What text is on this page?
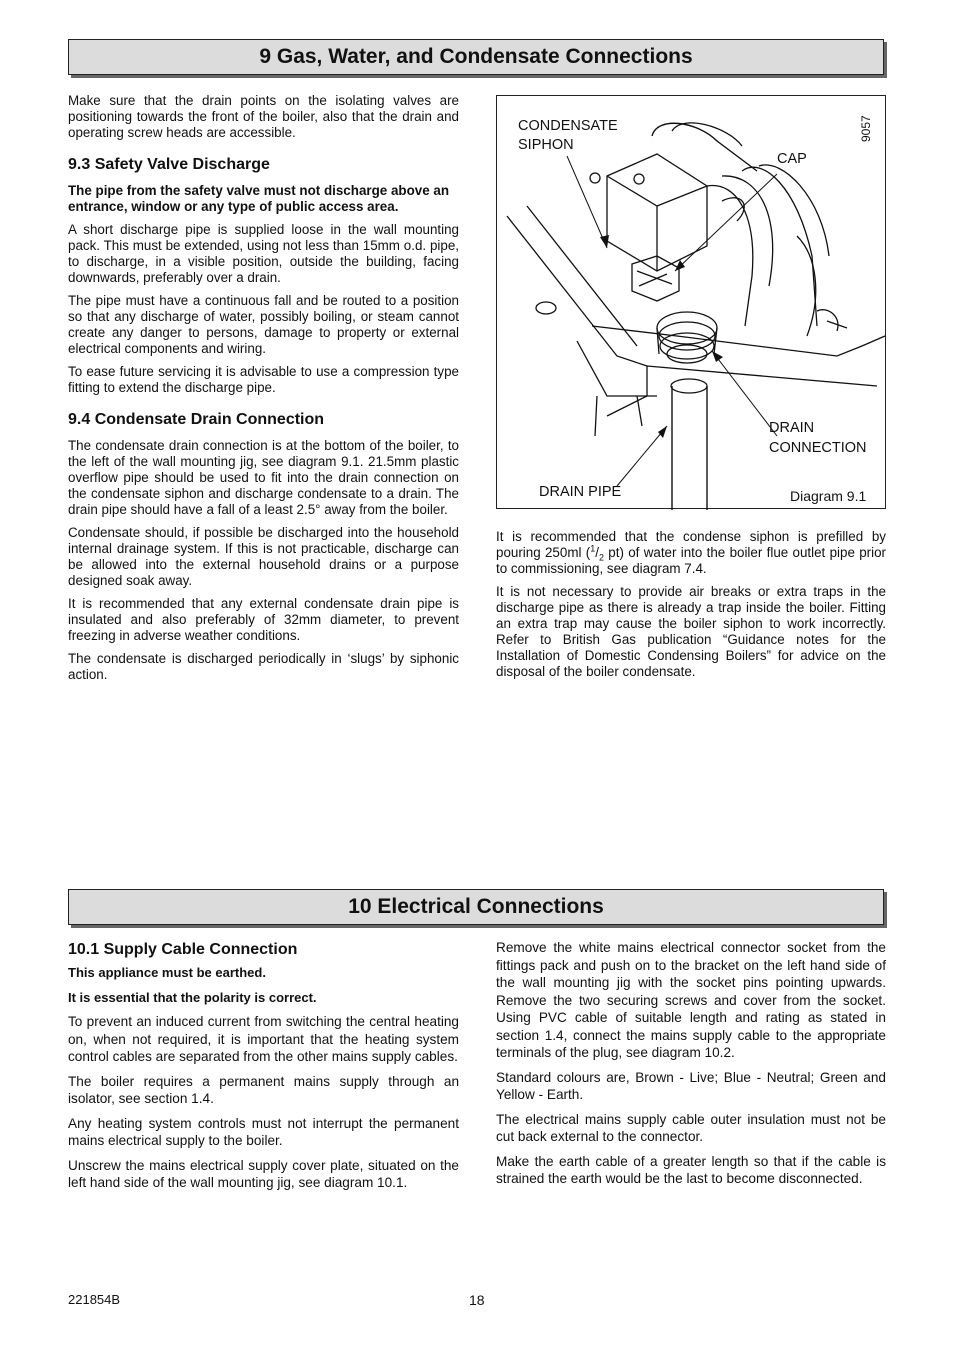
9 Gas, Water, and Condensate Connections

Make sure that the drain points on the isolating valves are positioning towards the front of the boiler, also that the drain and operating screw heads are accessible.

9.3 Safety Valve Discharge

The pipe from the safety valve must not discharge above an entrance, window or any type of public access area.

A short discharge pipe is supplied loose in the wall mounting pack. This must be extended, using not less than 15mm o.d. pipe, to discharge, in a visible position, outside the building, facing downwards, preferably over a drain.

The pipe must have a continuous fall and be routed to a position so that any discharge of water, possibly boiling, or steam cannot create any danger to persons, damage to property or external electrical components and wiring.

To ease future servicing it is advisable to use a compression type fitting to extend the discharge pipe.

9.4 Condensate Drain Connection

The condensate drain connection is at the bottom of the boiler, to the left of the wall mounting jig, see diagram 9.1. 21.5mm plastic overflow pipe should be used to fit into the drain connection on the condensate siphon and discharge condensate to a drain. The drain pipe should have a fall of a least 2.5° away from the boiler.

Condensate should, if possible be discharged into the household internal drainage system. If this is not practicable, discharge can be allowed into the external household drains or a purpose designed soak away.

It is recommended that any external condensate drain pipe is insulated and also preferably of 32mm diameter, to prevent freezing in adverse weather conditions.

The condensate is discharged periodically in ‘slugs’ by siphonic action.

CONDENSATE
SIPHON
CAP
9057
DRAIN
CONNECTION
DRAIN PIPE	Diagram 9.1

It is recommended that the condense siphon is prefilled by pouring 250ml ($^1/_2$ pt) of water into the boiler flue outlet pipe prior to commissioning, see diagram 7.4.

It is not necessary to provide air breaks or extra traps in the discharge pipe as there is already a trap inside the boiler. Fitting an extra trap may cause the boiler siphon to work incorrectly. Refer to British Gas publication “Guidance notes for the Installation of Domestic Condensing Boilers” for advice on the disposal of the boiler condensate.

10 Electrical Connections
10.1 Supply Cable Connection

This appliance must be earthed.

It is essential that the polarity is correct.

To prevent an induced current from switching the central heating on, when not required, it is important that the heating system control cables are separated from the other mains supply cables.

The boiler requires a permanent mains supply through an isolator, see section 1.4.

Any heating system controls must not interrupt the permanent mains electrical supply to the boiler.

Unscrew the mains electrical supply cover plate, situated on the left hand side of the wall mounting jig, see diagram 10.1.

Remove the white mains electrical connector socket from the fittings pack and push on to the bracket on the left hand side of the wall mounting jig with the socket pins pointing upwards. Remove the two securing screws and cover from the socket. Using PVC cable of suitable length and rating as stated in section 1.4, connect the mains supply cable to the appropriate terminals of the plug, see diagram 10.2.

Standard colours are, Brown - Live; Blue - Neutral; Green and Yellow - Earth.

The electrical mains supply cable outer insulation must not be cut back external to the connector.

Make the earth cable of a greater length so that if the cable is strained the earth would be the last to become disconnected.

221854B	18
